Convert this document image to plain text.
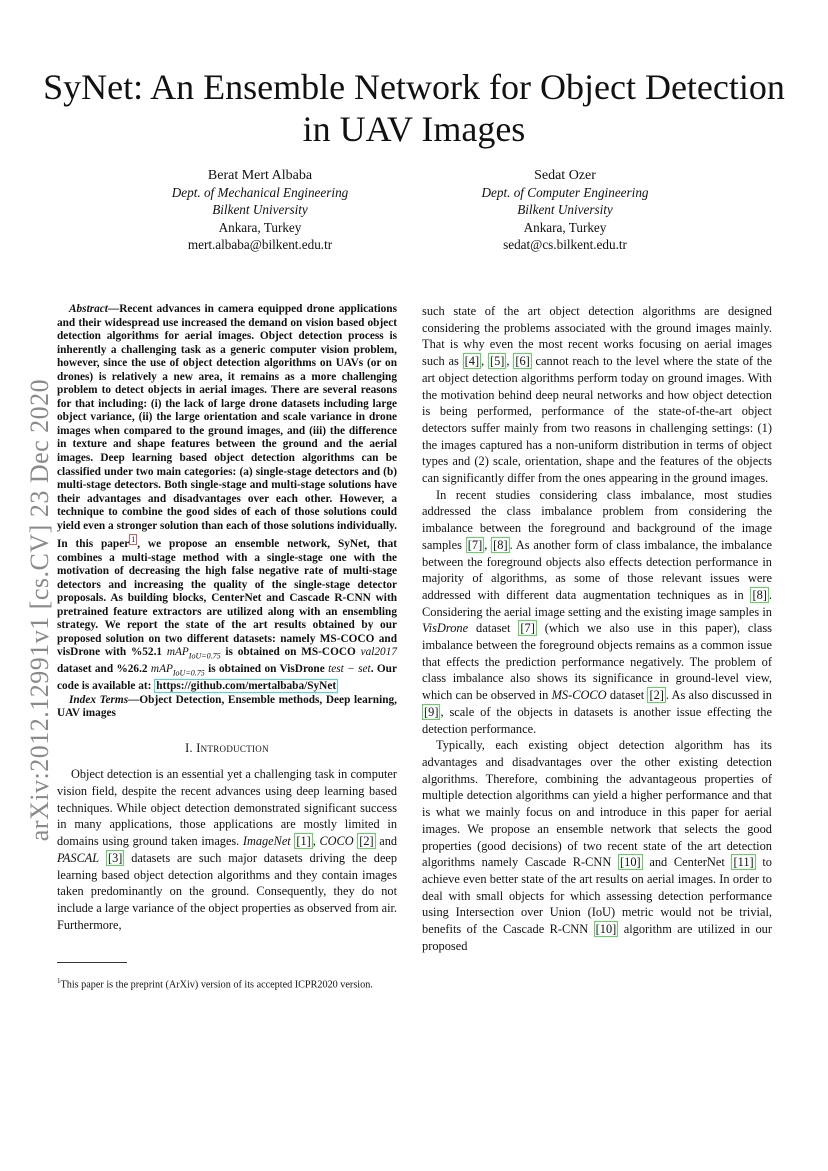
arXiv:2012.12991v1 [cs.CV] 23 Dec 2020
SyNet: An Ensemble Network for Object Detection in UAV Images
Berat Mert Albaba
Dept. of Mechanical Engineering
Bilkent University
Ankara, Turkey
mert.albaba@bilkent.edu.tr
Sedat Ozer
Dept. of Computer Engineering
Bilkent University
Ankara, Turkey
sedat@cs.bilkent.edu.tr

Abstract—Recent advances in camera equipped drone applications and their widespread use increased the demand on vision based object detection algorithms for aerial images. Object detection process is inherently a challenging task as a generic computer vision problem, however, since the use of object detection algorithms on UAVs (or on drones) is relatively a new area, it remains as a more challenging problem to detect objects in aerial images. There are several reasons for that including: (i) the lack of large drone datasets including large object variance, (ii) the large orientation and scale variance in drone images when compared to the ground images, and (iii) the difference in texture and shape features between the ground and the aerial images. Deep learning based object detection algorithms can be classified under two main categories: (a) single-stage detectors and (b) multi-stage detectors. Both single-stage and multi-stage solutions have their advantages and disadvantages over each other. However, a technique to combine the good sides of each of those solutions could yield even a stronger solution than each of those solutions individually. In this paper $^1$ , we propose an ensemble network, SyNet, that combines a multi-stage method with a single-stage one with the motivation of decreasing the high false negative rate of multi-stage detectors and increasing the quality of the single-stage detector proposals. As building blocks, CenterNet and Cascade R-CNN with pretrained feature extractors are utilized along with an ensembling strategy. We report the state of the art results obtained by our proposed solution on two different datasets: namely MS-COCO and visDrone with %52.1 mAP$_{IoU=0.75}$ is obtained on MS-COCO val2017 dataset and %26.2 mAP$_{IoU=0.75}$ is obtained on VisDrone test − set. Our code is available at: https://github.com/mertalbaba/SyNet

Index Terms—Object Detection, Ensemble methods, Deep learning, UAV images

I. Introduction

Object detection is an essential yet a challenging task in computer vision field, despite the recent advances using deep learning based techniques. While object detection demonstrated significant success in many applications, those applications are mostly limited in domains using ground taken images. ImageNet [1] , COCO [2] and PASCAL [3] datasets are such major datasets driving the deep learning based object detection algorithms and they contain images taken predominantly on the ground. Consequently, they do not include a large variance of the object properties as observed from air. Furthermore,

$^1$This paper is the preprint (ArXiv) version of its accepted ICPR2020 version.

such state of the art object detection algorithms are designed considering the problems associated with the ground images mainly. That is why even the most recent works focusing on aerial images such as [4] , [5] , [6] cannot reach to the level where the state of the art object detection algorithms perform today on ground images. With the motivation behind deep neural networks and how object detection is being performed, performance of the state-of-the-art object detectors suffer mainly from two reasons in challenging settings: (1) the images captured has a non-uniform distribution in terms of object types and (2) scale, orientation, shape and the features of the objects can significantly differ from the ones appearing in the ground images.

In recent studies considering class imbalance, most studies addressed the class imbalance problem from considering the imbalance between the foreground and background of the image samples [7] , [8] . As another form of class imbalance, the imbalance between the foreground objects also effects detection performance in majority of algorithms, as some of those relevant issues were addressed with different data augmentation techniques as in [8] . Considering the aerial image setting and the existing image samples in VisDrone dataset [7] (which we also use in this paper), class imbalance between the foreground objects remains as a common issue that effects the prediction performance negatively. The problem of class imbalance also shows its significance in ground-level view, which can be observed in MS-COCO dataset [2] . As also discussed in [9] , scale of the objects in datasets is another issue effecting the detection performance.

Typically, each existing object detection algorithm has its advantages and disadvantages over the other existing detection algorithms. Therefore, combining the advantageous properties of multiple detection algorithms can yield a higher performance and that is what we mainly focus on and introduce in this paper for aerial images. We propose an ensemble network that selects the good properties (good decisions) of two recent state of the art detection algorithms namely Cascade R-CNN [10] and CenterNet [11] to achieve even better state of the art results on aerial images. In order to deal with small objects for which assessing detection performance using Intersection over Union (IoU) metric would not be trivial, benefits of the Cascade R-CNN [10] algorithm are utilized in our proposed
